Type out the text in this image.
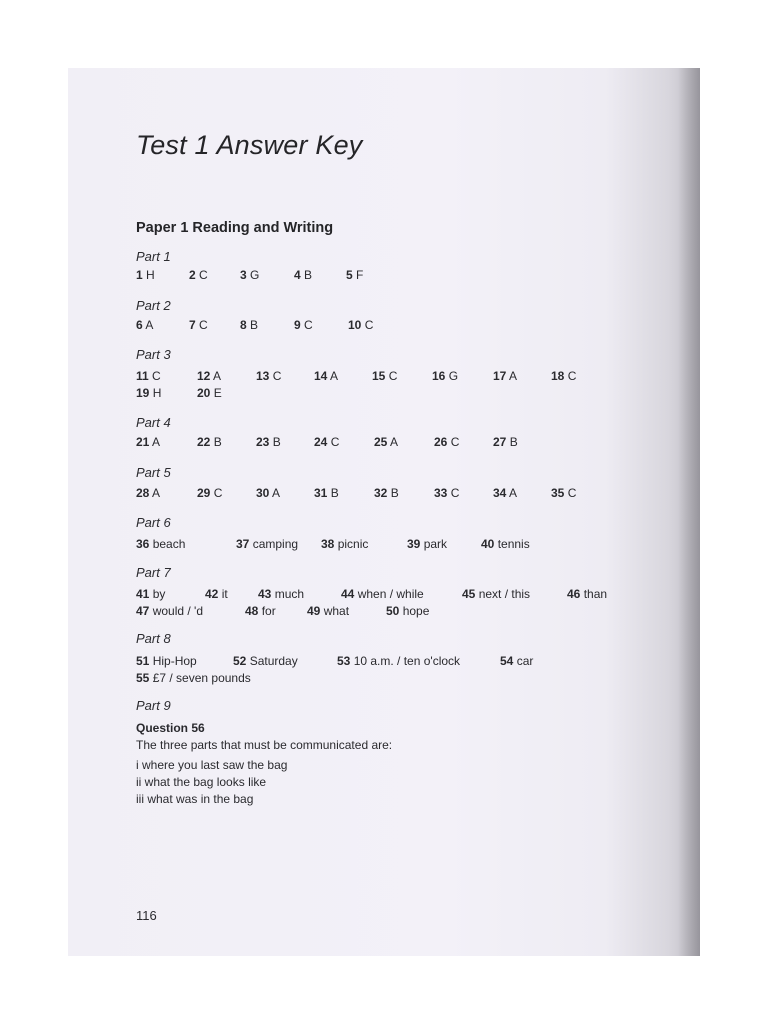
Test 1 Answer Key
Paper 1 Reading and Writing
Part 1
1 H	2 C	3 G	4 B	5 F
Part 2
6 A	7 C	8 B	9 C	10 C
Part 3
11 C	12 A	13 C	14 A	15 C	16 G	17 A	18 C
19 H	20 E
Part 4
21 A	22 B	23 B	24 C	25 A	26 C	27 B
Part 5
28 A	29 C	30 A	31 B	32 B	33 C	34 A	35 C
Part 6
36 beach	37 camping 38 picnic	39 park	40 tennis
Part 7
41 by	42 it	43 much	44 when / while	45 next / this	46 than
47 would / 'd	48 for	49 what	50 hope
Part 8
51 Hip-Hop	52 Saturday	53 10 a.m. / ten o'clock	54 car
55 £7 / seven pounds
Part 9
Question 56
The three parts that must be communicated are:
i where you last saw the bag
ii what the bag looks like
iii what was in the bag
116
